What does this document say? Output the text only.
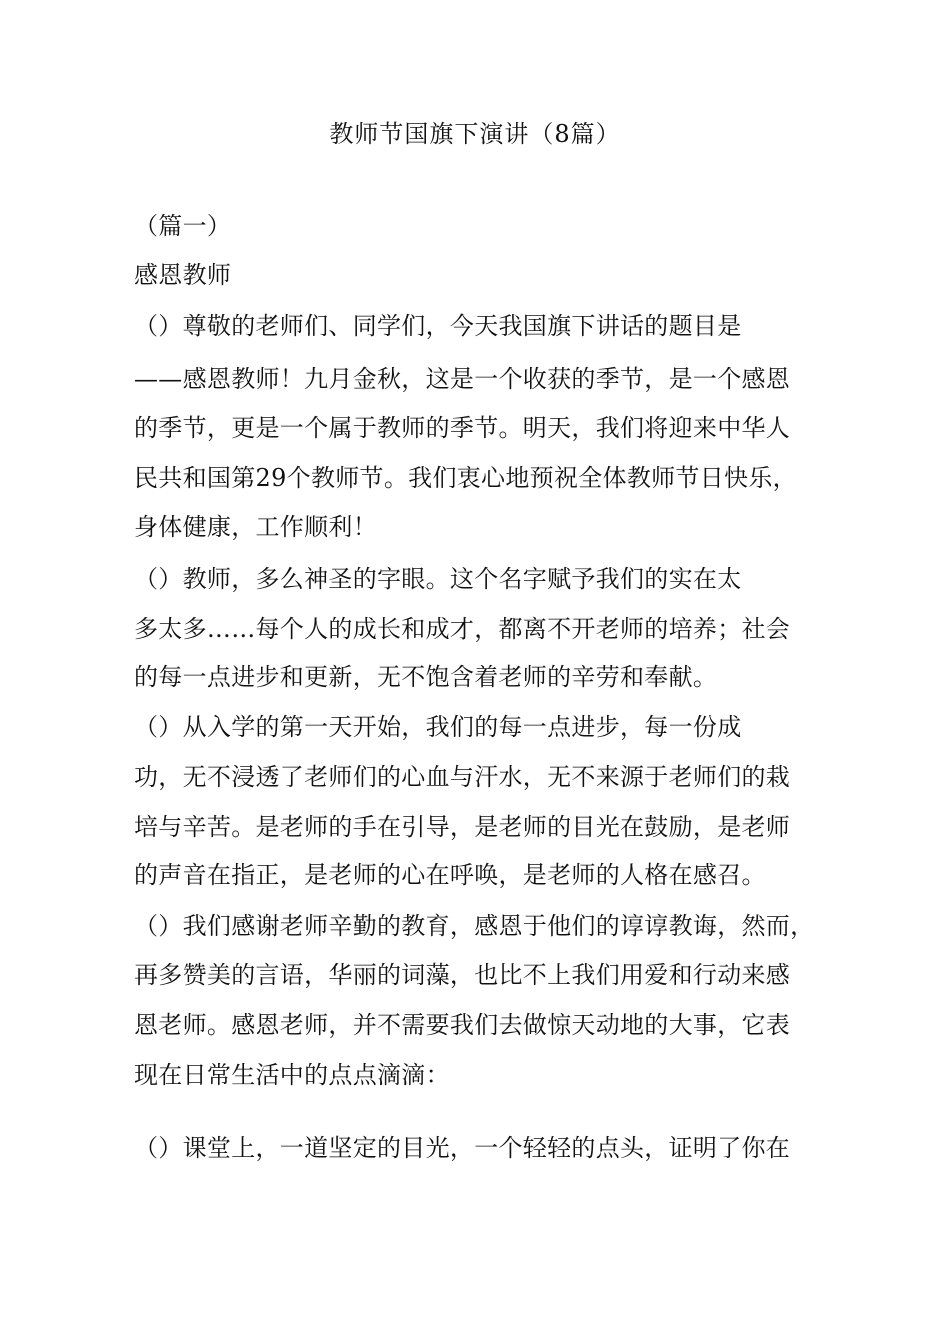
教师节国旗下演讲（8篇）
（篇一）
感恩教师
（）尊敬的老师们、同学们，今天我国旗下讲话的题目是
——感恩教师！九月金秋，这是一个收获的季节，是一个感恩
的季节，更是一个属于教师的季节。明天，我们将迎来中华人
民共和国第29个教师节。我们衷心地预祝全体教师节日快乐，
身体健康，工作顺利！
（）教师，多么神圣的字眼。这个名字赋予我们的实在太
多太多……每个人的成长和成才，都离不开老师的培养；社会
的每一点进步和更新，无不饱含着老师的辛劳和奉献。
（）从入学的第一天开始，我们的每一点进步，每一份成
功，无不浸透了老师们的心血与汗水，无不来源于老师们的栽
培与辛苦。是老师的手在引导，是老师的目光在鼓励，是老师
的声音在指正，是老师的心在呼唤，是老师的人格在感召。
（）我们感谢老师辛勤的教育，感恩于他们的谆谆教诲，然而，
再多赞美的言语，华丽的词藻，也比不上我们用爱和行动来感
恩老师。感恩老师，并不需要我们去做惊天动地的大事，它表
现在日常生活中的点点滴滴：
（）课堂上，一道坚定的目光，一个轻轻的点头，证明了你在
